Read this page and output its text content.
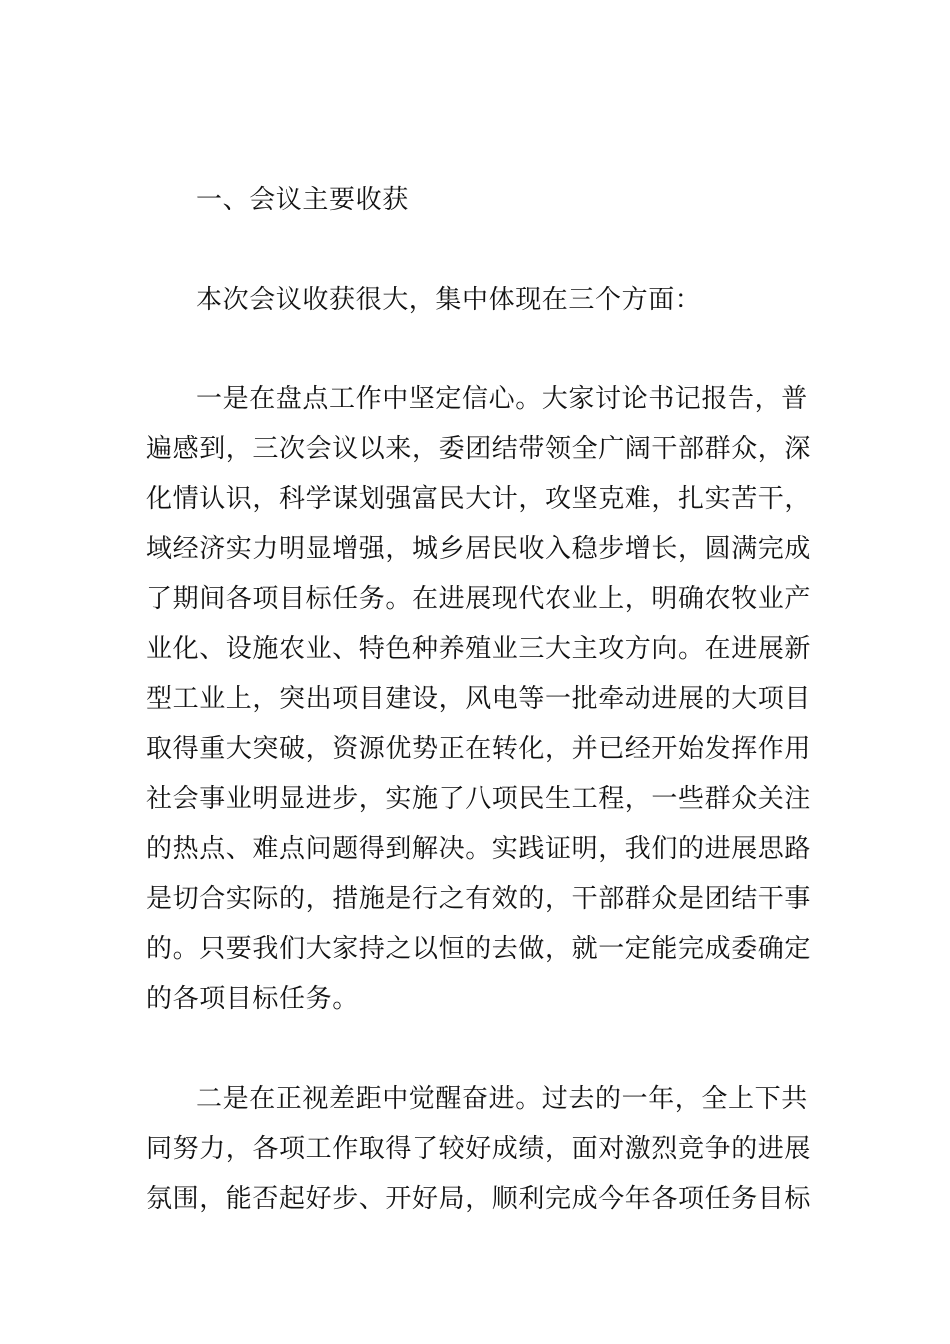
一、会议主要收获
本次会议收获很大，集中体现在三个方面：
一是在盘点工作中坚定信心。大家讨论书记报告，普
遍感到，三次会议以来，委团结带领全广阔干部群众，深
化情认识，科学谋划强富民大计，攻坚克难，扎实苦干，
域经济实力明显增强，城乡居民收入稳步增长，圆满完成
了期间各项目标任务。在进展现代农业上，明确农牧业产
业化、设施农业、特色种养殖业三大主攻方向。在进展新
型工业上，突出项目建设，风电等一批牵动进展的大项目
取得重大突破，资源优势正在转化，并已经开始发挥作用
社会事业明显进步，实施了八项民生工程，一些群众关注
的热点、难点问题得到解决。实践证明，我们的进展思路
是切合实际的，措施是行之有效的，干部群众是团结干事
的。只要我们大家持之以恒的去做，就一定能完成委确定
的各项目标任务。
二是在正视差距中觉醒奋进。过去的一年，全上下共
同努力，各项工作取得了较好成绩，面对激烈竞争的进展
氛围，能否起好步、开好局，顺利完成今年各项任务目标
